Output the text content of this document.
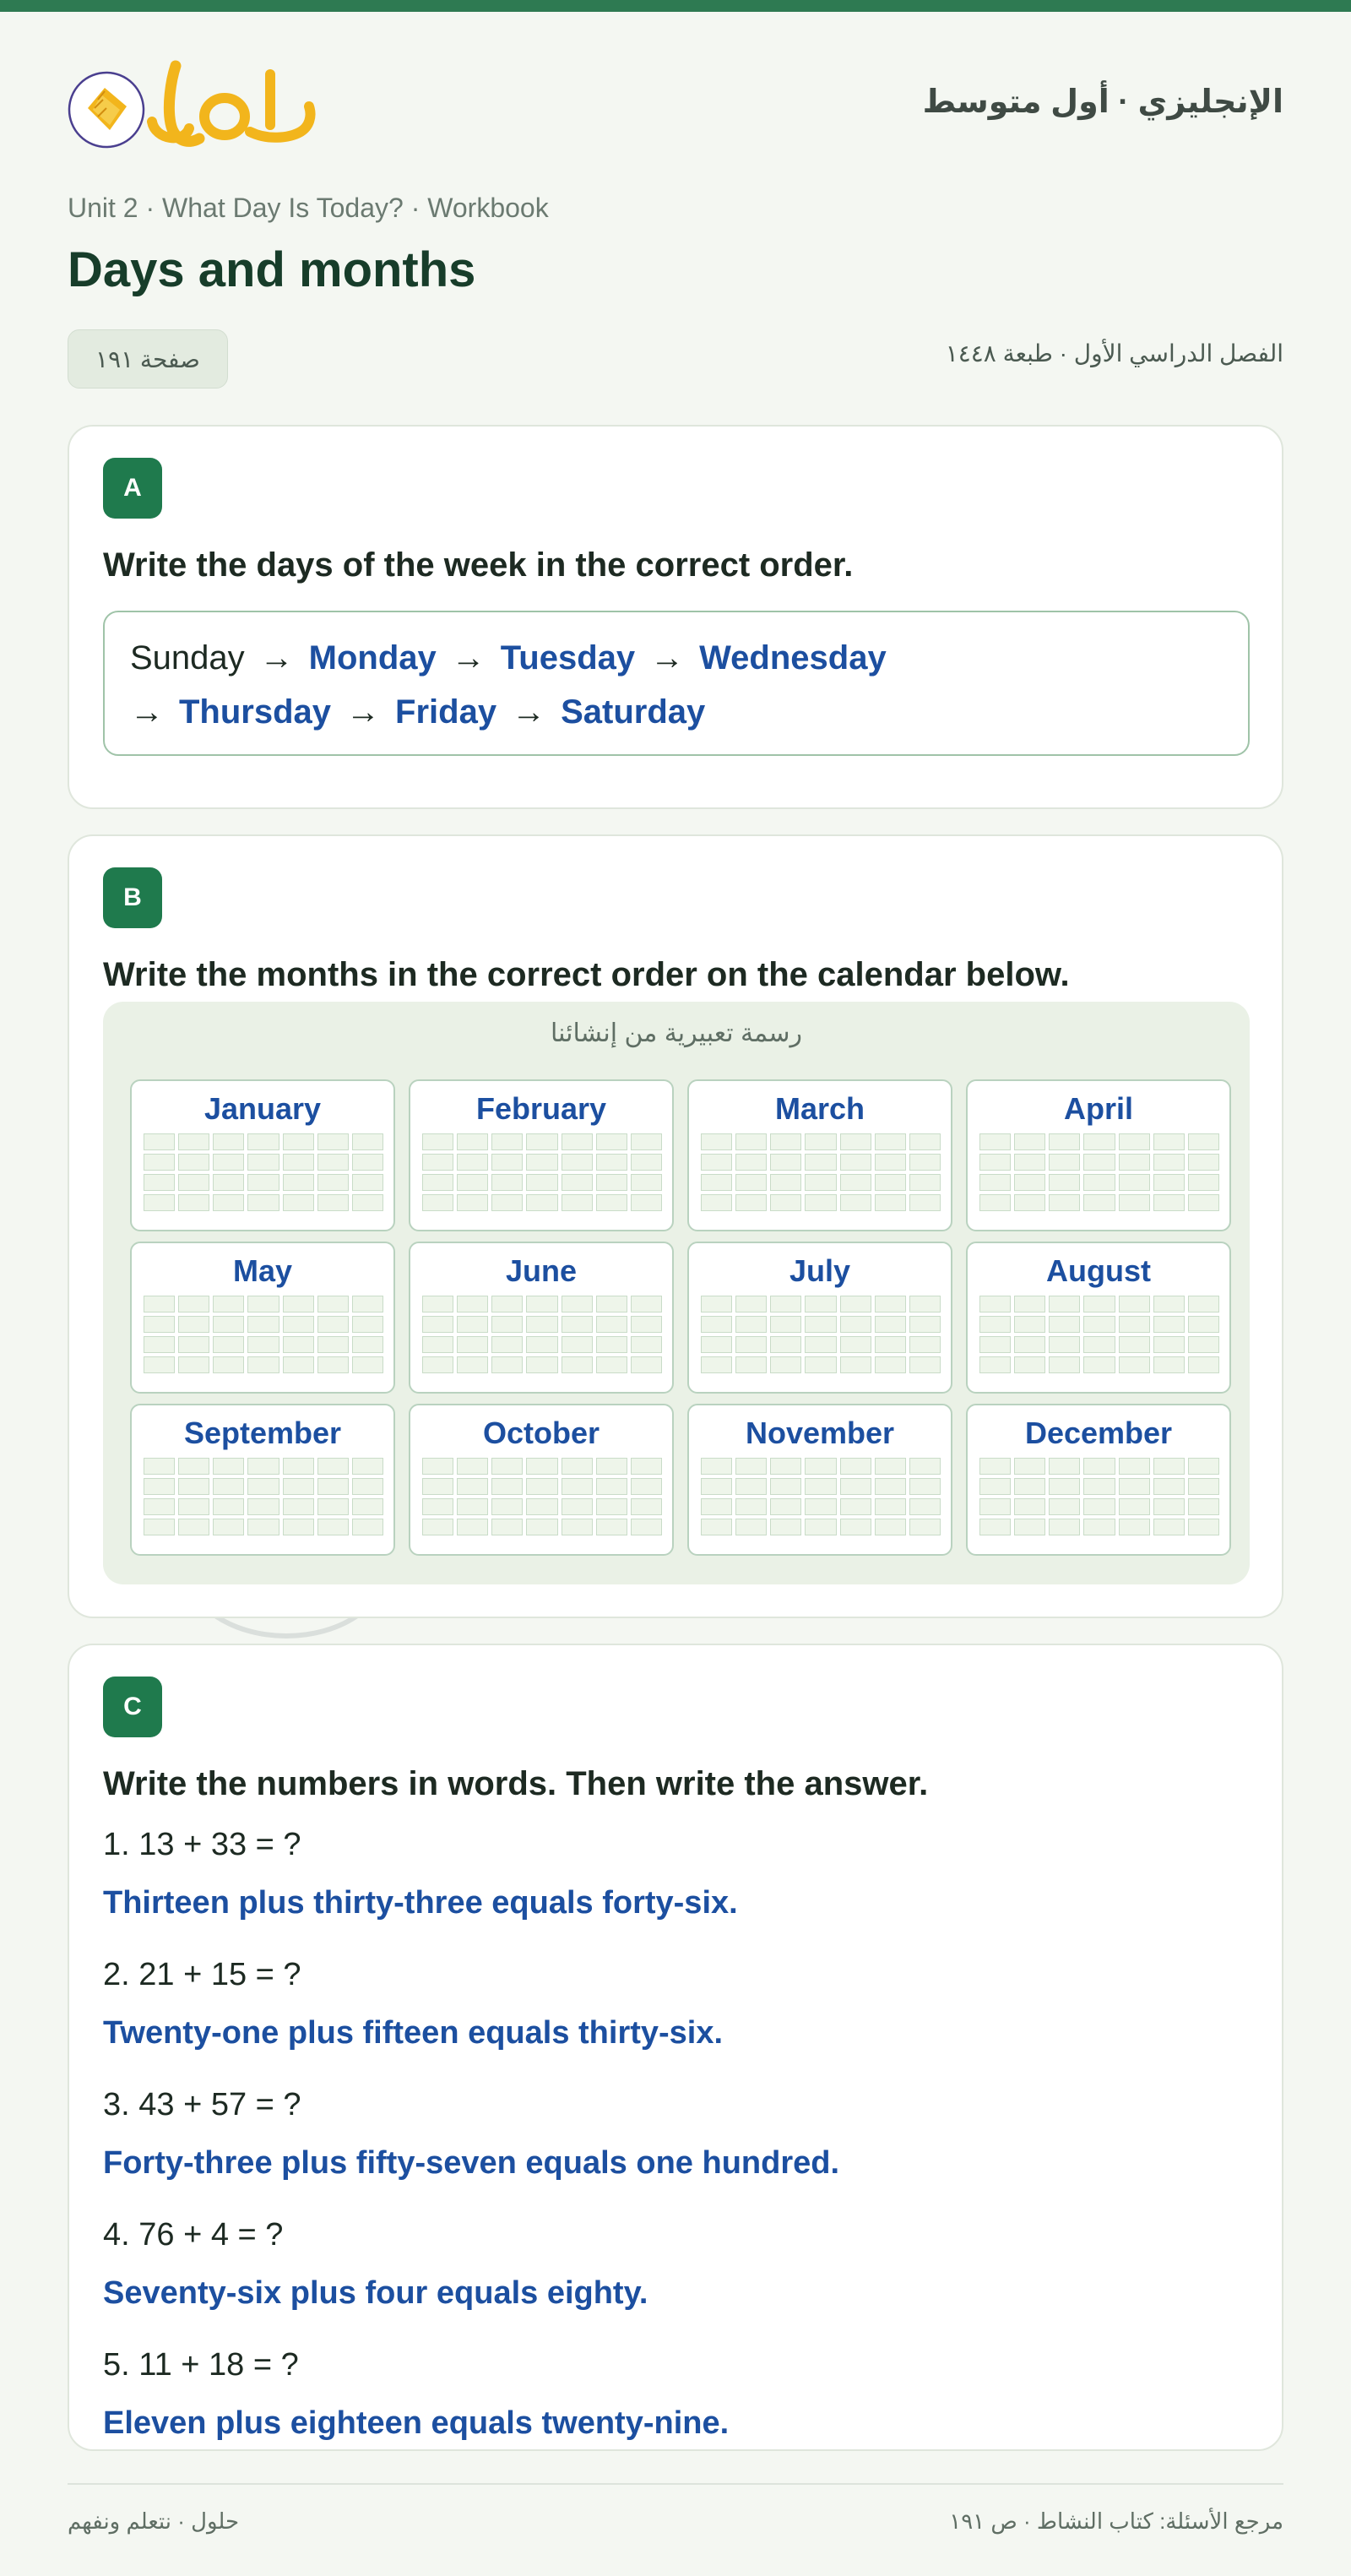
الإنجليزي · أول متوسط
Unit 2 · What Day Is Today? · Workbook
Days and months
صفحة ١٩١	الفصل الدراسي الأول · طبعة ١٤٤٨
A
Write the days of the week in the correct order.
Sunday → Monday → Tuesday → Wednesday
→ Thursday → Friday → Saturday
B
Write the months in the correct order on the calendar below.
رسمة تعبيرية من إنشائنا
January	February	March	April
May	June	July	August
September	October	November	December
C
Write the numbers in words. Then write the answer.
1. 13 + 33 = ?
Thirteen plus thirty-three equals forty-six.
2. 21 + 15 = ?
Twenty-one plus fifteen equals thirty-six.
3. 43 + 57 = ?
Forty-three plus fifty-seven equals one hundred.
4. 76 + 4 = ?
Seventy-six plus four equals eighty.
5. 11 + 18 = ?
Eleven plus eighteen equals twenty-nine.
حلول · نتعلم ونفهم	مرجع الأسئلة: كتاب النشاط · ص ١٩١
